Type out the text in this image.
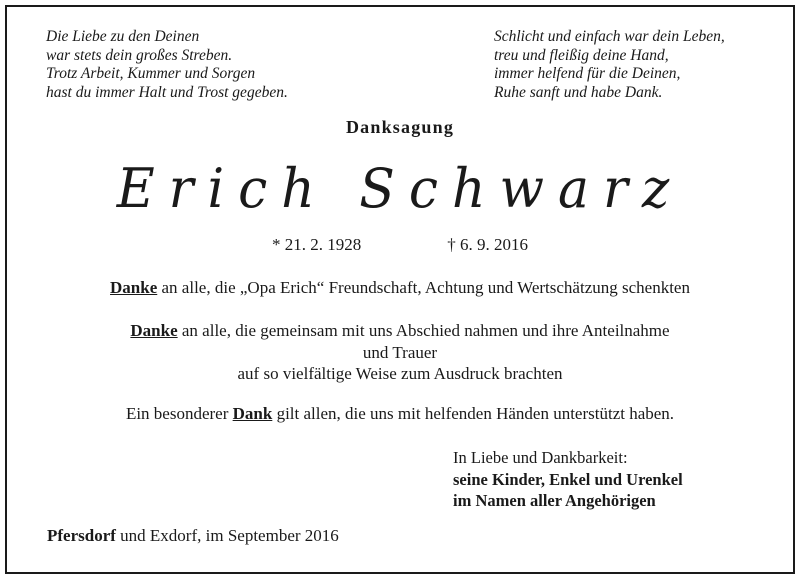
Die Liebe zu den Deinen
war stets dein großes Streben.
Trotz Arbeit, Kummer und Sorgen
hast du immer Halt und Trost gegeben.
Schlicht und einfach war dein Leben,
treu und fleißig deine Hand,
immer helfend für die Deinen,
Ruhe sanft und habe Dank.
Danksagung
Erich Schwarz
* 21. 2. 1928	† 6. 9. 2016
Danke an alle, die „Opa Erich“ Freundschaft, Achtung und Wertschätzung schenkten
Danke an alle, die gemeinsam mit uns Abschied nahmen und ihre Anteilnahme
und Trauer
auf so vielfältige Weise zum Ausdruck brachten
Ein besonderer Dank gilt allen, die uns mit helfenden Händen unterstützt haben.
In Liebe und Dankbarkeit:
seine Kinder, Enkel und Urenkel
im Namen aller Angehörigen
Pfersdorf und Exdorf, im September 2016
